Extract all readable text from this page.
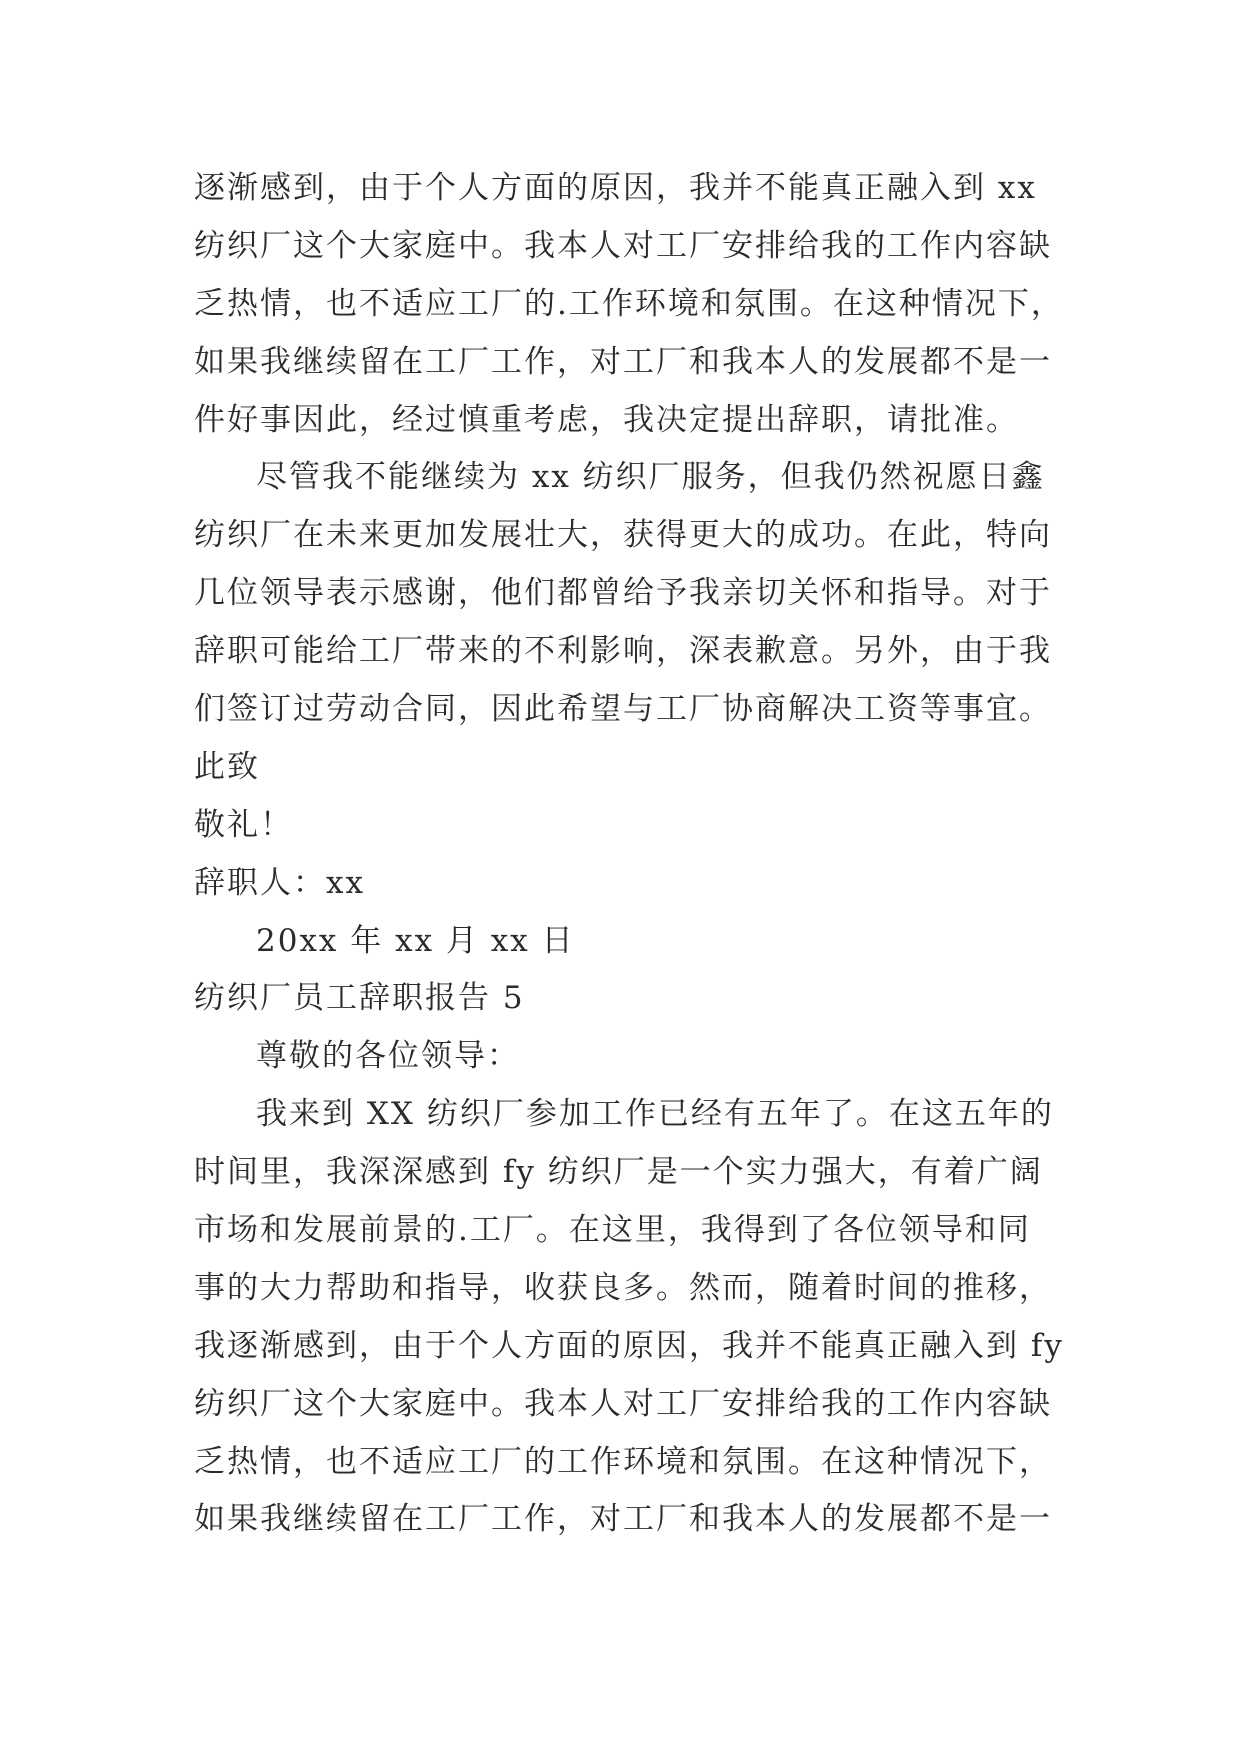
逐渐感到，由于个人方面的原因，我并不能真正融入到 xx
纺织厂这个大家庭中。我本人对工厂安排给我的工作内容缺
乏热情，也不适应工厂的.工作环境和氛围。在这种情况下，
如果我继续留在工厂工作，对工厂和我本人的发展都不是一
件好事因此，经过慎重考虑，我决定提出辞职，请批准。
尽管我不能继续为 xx 纺织厂服务，但我仍然祝愿日鑫
纺织厂在未来更加发展壮大，获得更大的成功。在此，特向
几位领导表示感谢，他们都曾给予我亲切关怀和指导。对于
辞职可能给工厂带来的不利影响，深表歉意。另外，由于我
们签订过劳动合同，因此希望与工厂协商解决工资等事宜。
此致
敬礼！
辞职人：xx
20xx 年 xx 月 xx 日
纺织厂员工辞职报告 5
尊敬的各位领导：
我来到 XX 纺织厂参加工作已经有五年了。在这五年的
时间里，我深深感到 fy 纺织厂是一个实力强大，有着广阔
市场和发展前景的.工厂。在这里，我得到了各位领导和同
事的大力帮助和指导，收获良多。然而，随着时间的推移，
我逐渐感到，由于个人方面的原因，我并不能真正融入到 fy
纺织厂这个大家庭中。我本人对工厂安排给我的工作内容缺
乏热情，也不适应工厂的工作环境和氛围。在这种情况下，
如果我继续留在工厂工作，对工厂和我本人的发展都不是一
